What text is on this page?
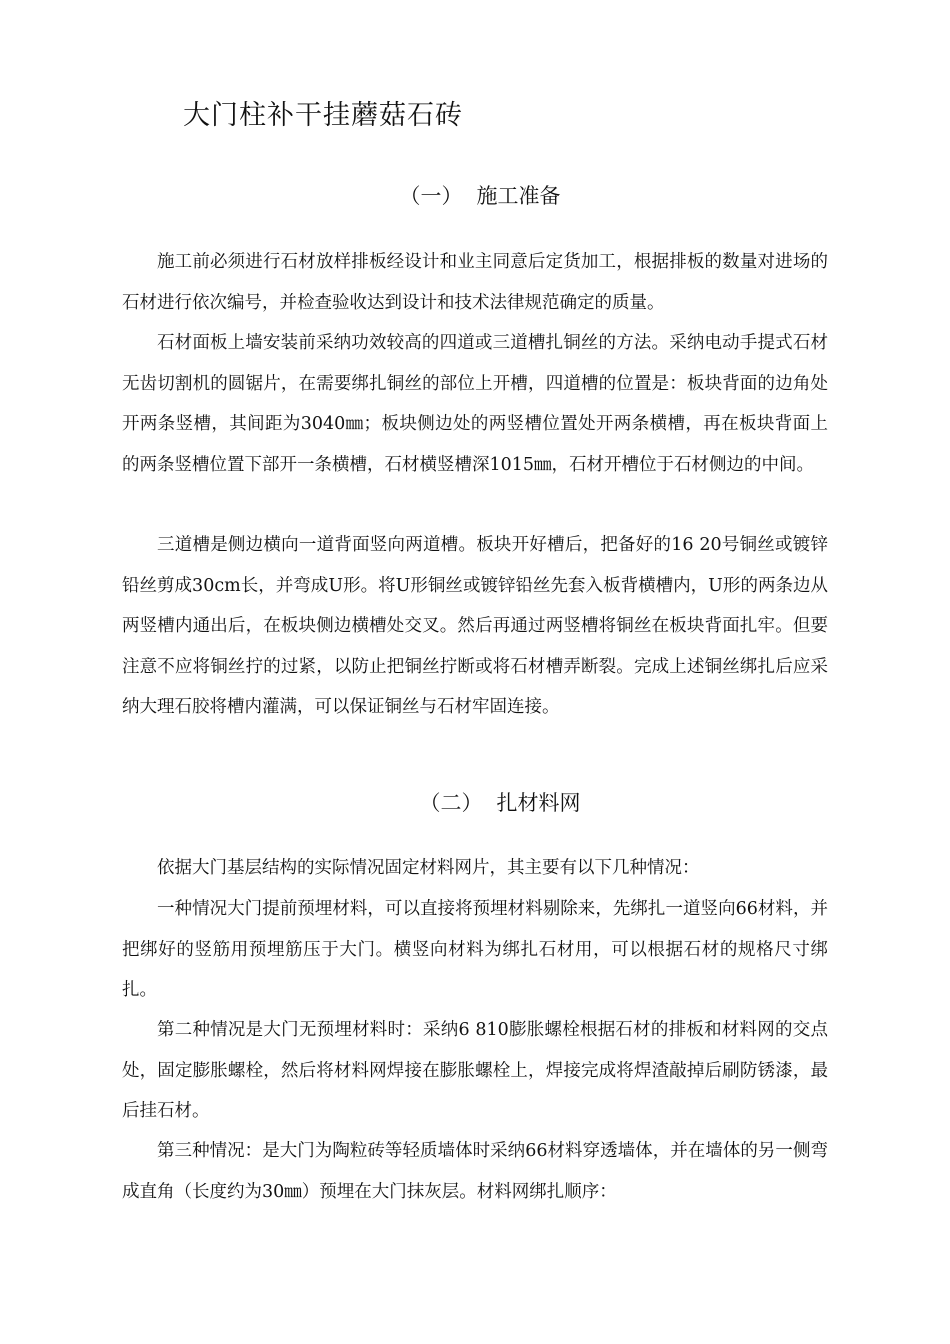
大门柱补干挂蘑菇石砖
（一） 施工准备

施工前必须进行石材放样排板经设计和业主同意后定货加工，根据排板的数量对进场的石材进行依次编号，并检查验收达到设计和技术法律规范确定的质量。

石材面板上墙安装前采纳功效较高的四道或三道槽扎铜丝的方法。采纳电动手提式石材无齿切割机的圆锯片，在需要绑扎铜丝的部位上开槽，四道槽的位置是：板块背面的边角处开两条竖槽，其间距为3040㎜；板块侧边处的两竖槽位置处开两条横槽，再在板块背面上的两条竖槽位置下部开一条横槽，石材横竖槽深1015㎜，石材开槽位于石材侧边的中间。

三道槽是侧边横向一道背面竖向两道槽。板块开好槽后，把备好的16 20号铜丝或镀锌铅丝剪成30cm长，并弯成U形。将U形铜丝或镀锌铅丝先套入板背横槽内，U形的两条边从两竖槽内通出后，在板块侧边横槽处交叉。然后再通过两竖槽将铜丝在板块背面扎牢。但要注意不应将铜丝拧的过紧，以防止把铜丝拧断或将石材槽弄断裂。完成上述铜丝绑扎后应采纳大理石胶将槽内灌满，可以保证铜丝与石材牢固连接。

（二） 扎材料网

依据大门基层结构的实际情况固定材料网片，其主要有以下几种情况：

一种情况大门提前预埋材料，可以直接将预埋材料剔除来，先绑扎一道竖向66材料，并把绑好的竖筋用预埋筋压于大门。横竖向材料为绑扎石材用，可以根据石材的规格尺寸绑扎。

第二种情况是大门无预埋材料时：采纳6 810膨胀螺栓根据石材的排板和材料网的交点处，固定膨胀螺栓，然后将材料网焊接在膨胀螺栓上，焊接完成将焊渣敲掉后刷防锈漆，最后挂石材。

第三种情况：是大门为陶粒砖等轻质墙体时采纳66材料穿透墙体，并在墙体的另一侧弯成直角（长度约为30㎜）预埋在大门抹灰层。材料网绑扎顺序：
